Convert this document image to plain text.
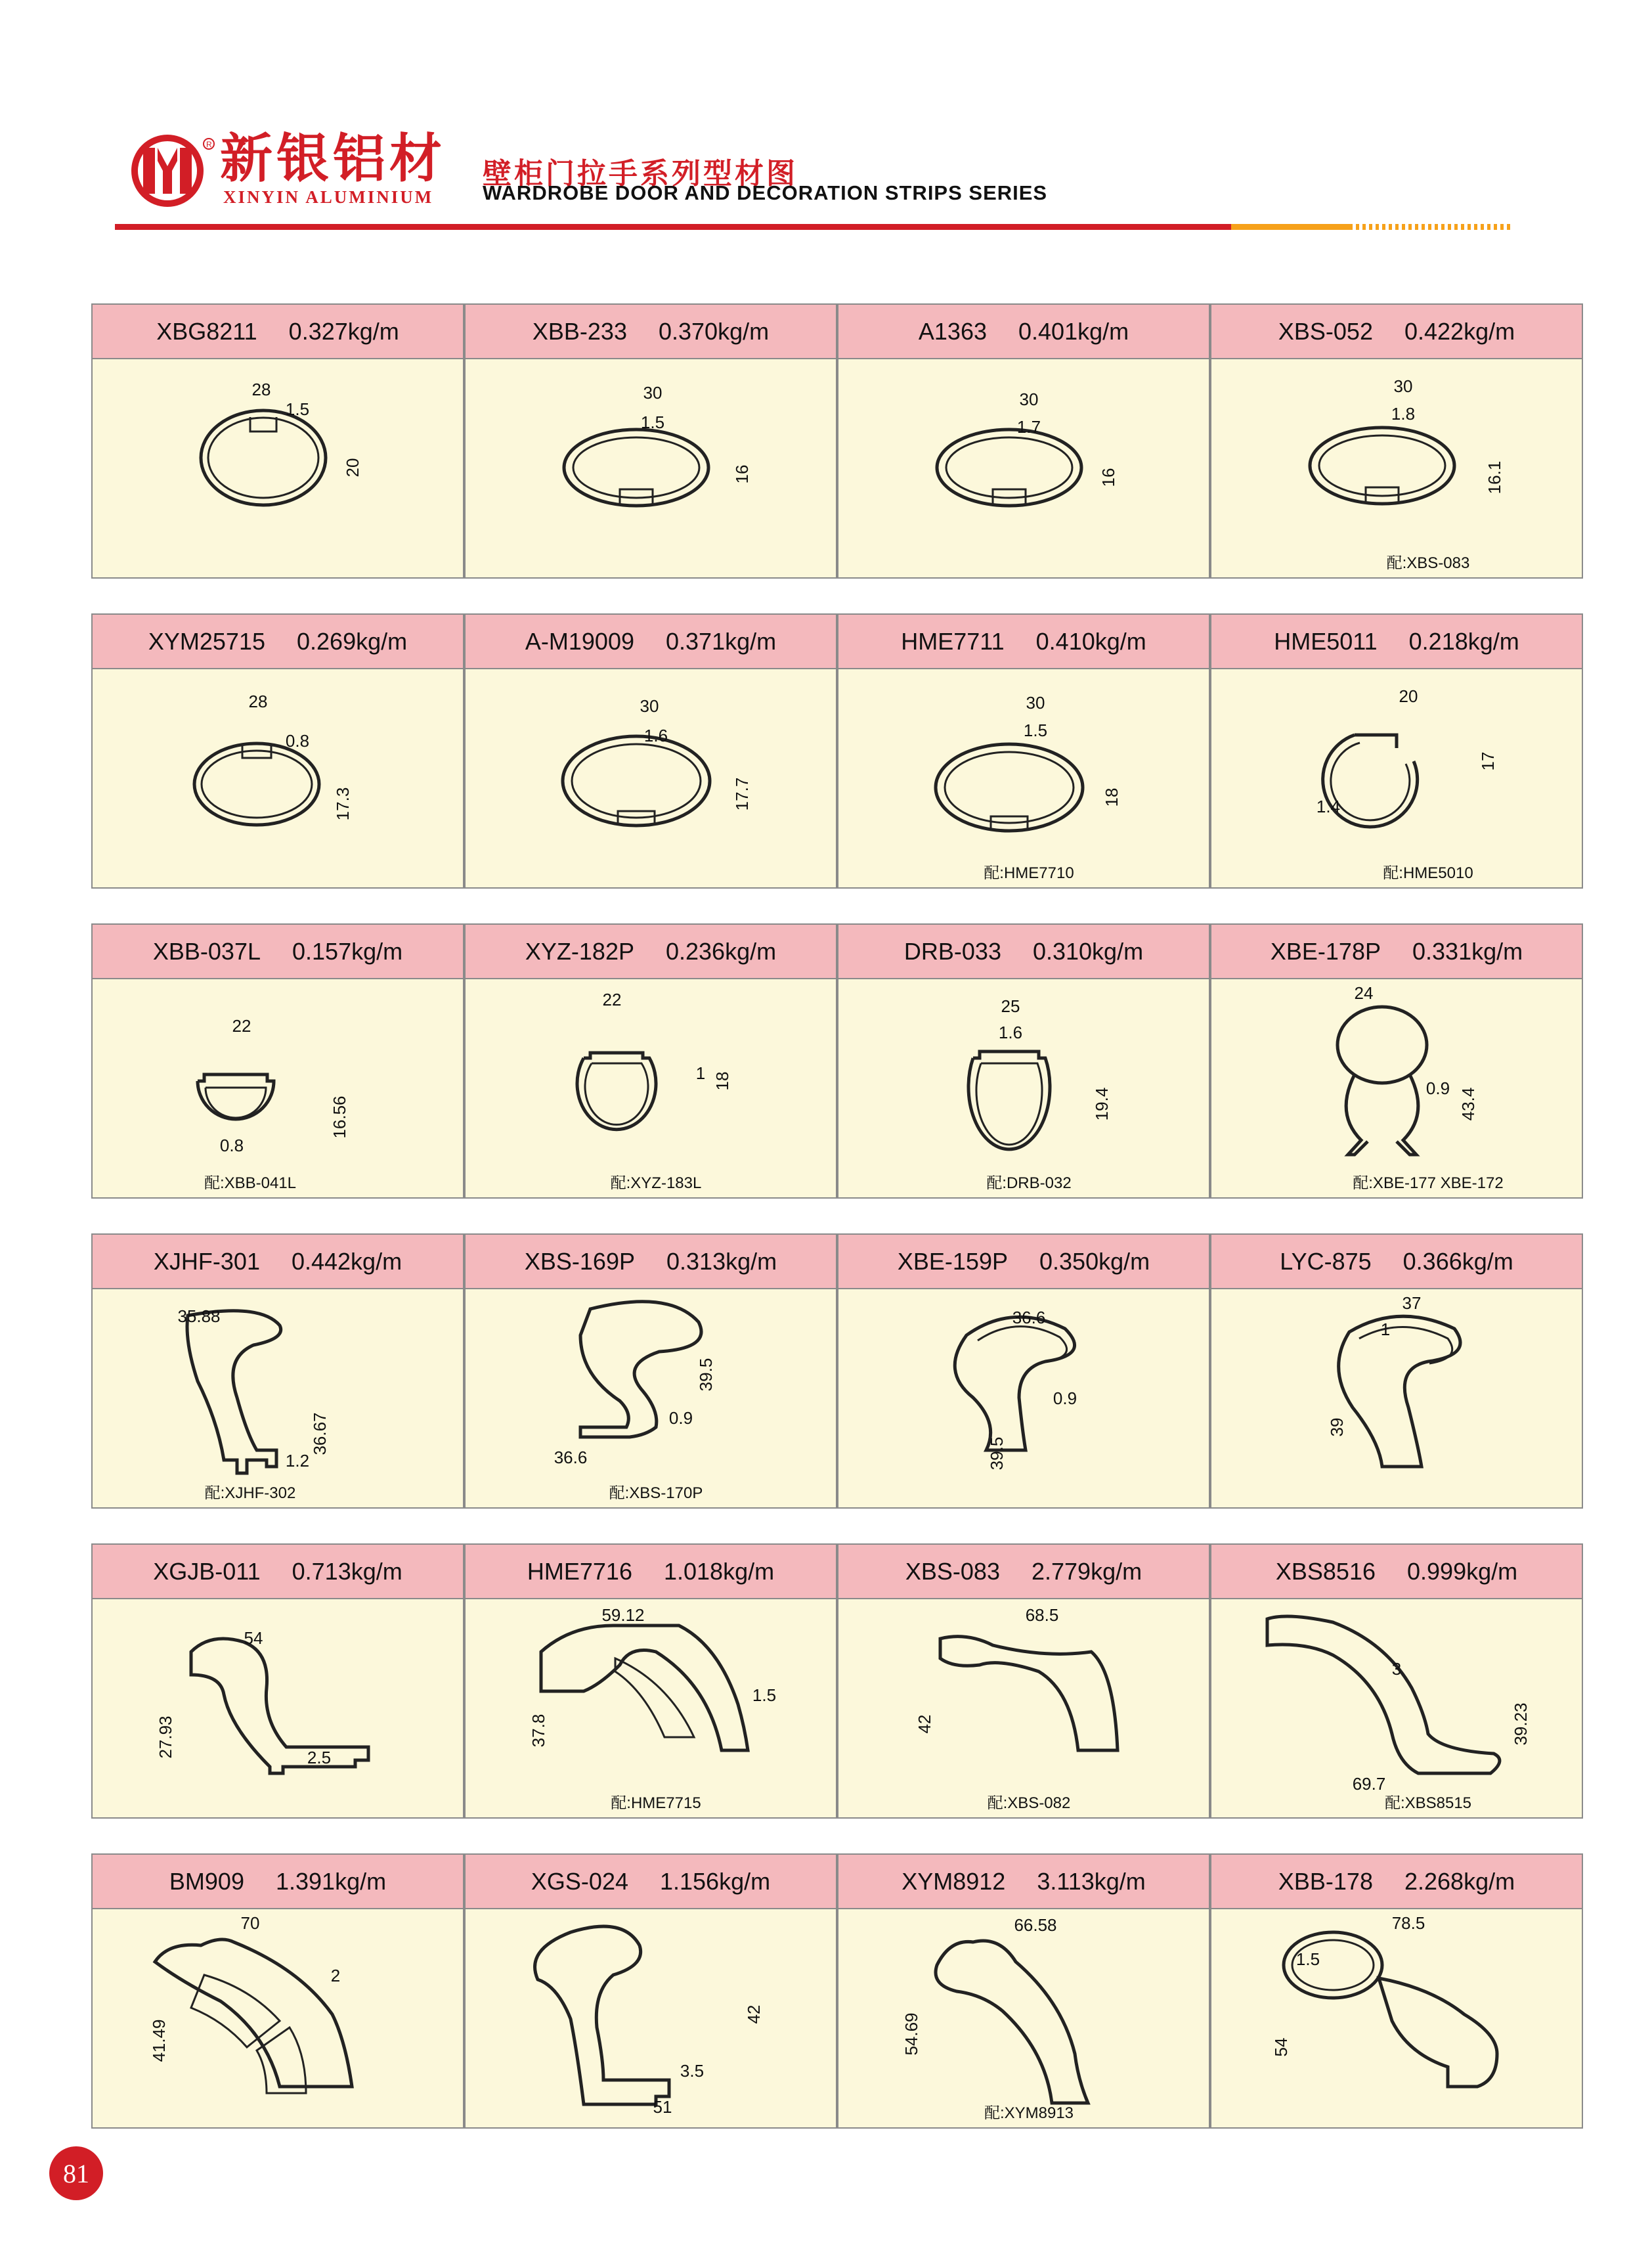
R 新银铝材
XINYIN ALUMINIUM
壁柜门拉手系列型材图
WARDROBE DOOR AND DECORATION STRIPS SERIES
XBG8211 0.327kg/m
28
1.5
20
XBB-233 0.370kg/m
30
1.5
16
A1363 0.401kg/m
30
1.7
16
XBS-052 0.422kg/m
30
1.8
16.1
配:XBS-083
XYM25715 0.269kg/m
28
0.8
17.3
A-M19009 0.371kg/m
30
1.6
17.7
HME7711 0.410kg/m
30
1.5
18
配:HME7710
HME5011 0.218kg/m
20
1.4
17
配:HME5010
XBB-037L 0.157kg/m
22
0.8
16.56
配:XBB-041L
XYZ-182P 0.236kg/m
22
1 18
配:XYZ-183L
DRB-033 0.310kg/m
25
1.6
19.4
配:DRB-032
XBE-178P 0.331kg/m
24
0.9 43.4
配:XBE-177 XBE-172
XJHF-301 0.442kg/m
35.88
1.2
36.67
配:XJHF-302
XBS-169P 0.313kg/m
36.6
0.9
39.5
配:XBS-170P
XBE-159P 0.350kg/m
36.6
0.9
39.5
LYC-875 0.366kg/m
37
1
39
XGJB-011 0.713kg/m
54
2.5
27.93
HME7716 1.018kg/m
59.12
1.5
37.8
配:HME7715
XBS-083 2.779kg/m
68.5
42
配:XBS-082
XBS8516 0.999kg/m
69.7
3
39.23
配:XBS8515
BM909 1.391kg/m
70
2
41.49
XGS-024 1.156kg/m
51
3.5
42
XYM8912 3.113kg/m
66.58
54.69
配:XYM8913
XBB-178 2.268kg/m
78.5
1.5
54
81
